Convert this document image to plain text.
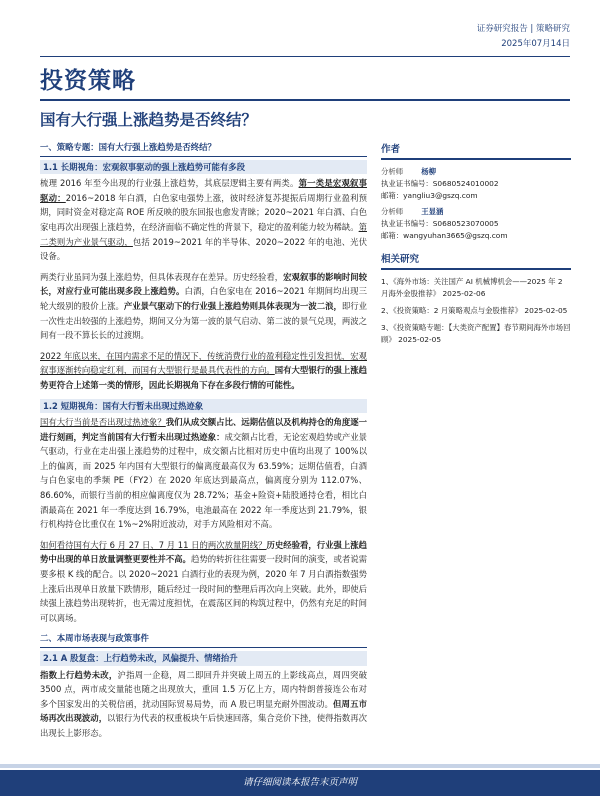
证券研究报告 | 策略研究
2025年07月14日
投资策略
国有大行强上涨趋势是否终结？
一、策略专题：国有大行强上涨趋势是否终结？
1.1 长期视角：宏观叙事驱动的强上涨趋势可能有多段
梳理 2016 年至今出现的行业强上涨趋势，其底层逻辑主要有两类。第一类是宏观叙事驱动：2016~2018 年白酒，白色家电强势上涨，彼时经济复苏提振后周期行业盈利预期，同时资金对稳定高 ROE 所反映的股东回报也愈发青睐；2020~2021 年白酒、白色家电再次出现强上涨趋势，在经济面临不确定性的背景下，稳定的盈利能力较为稀缺。第二类则为产业景气驱动，包括 2019~2021 年的半导体、2020~2022 年的电池、光伏设备。
两类行业虽同为强上涨趋势，但具体表现存在差异。历史经验看，宏观叙事的影响时间较长，对应行业可能出现多段上涨趋势。白酒，白色家电在 2016~2021 年期间均出现三轮大级别的股价上涨。产业景气驱动下的行业强上涨趋势则具体表现为一波二浪，即行业一次性走出较强的上涨趋势，期间又分为第一波的景气启动、第二波的景气兑现，两波之间有一段不算长长的过渡期。
2022 年底以来，在国内需求不足的情况下，传统消费行业的盈利稳定性引发担忧，宏观叙事逐渐转向稳定红利，而国有大型银行是最具代表性的方向。国有大型银行的强上涨趋势更符合上述第一类的情形，因此长期视角下存在多段行情的可能性。
1.2 短期视角：国有大行暂未出现过热迹象
国有大行当前是否出现过热迹象？我们从成交额占比、远期估值以及机构持仓的角度逐一进行刻画，判定当前国有大行暂未出现过热迹象：成交额占比看，无论宏观趋势或产业景气驱动，行业在走出强上涨趋势的过程中，成交额占比相对历史中值均出现了 100%以上的偏离，而 2025 年内国有大型银行的偏离度最高仅为 63.59%；远期估值看，白酒与白色家电的季频 PE（FY2）在 2020 年底达到最高点，偏离度分别为 112.07%、86.60%，而银行当前的相应偏离度仅为 28.72%；基金+险资+陆股通持仓看，相比白酒最高在 2021 年一季度达到 16.79%，电池最高在 2022 年一季度达到 21.79%，银行机构持仓比重仅在 1%~2%附近波动，对手方风险相对不高。
如何看待国有大行 6 月 27 日、7 月 11 日的两次放量阴线？历史经验看，行业强上涨趋势中出现的单日放量调整更要性并不高。趋势的转折往往需要一段时间的演变，或者说需要多根 K 线的配合。以 2020~2021 白酒行业的表现为例，2020 年 7 月白酒指数强势上涨后出现单日放量下跌情形，随后经过一段时间的整理后再次向上突破。此外，即使后续强上涨趋势出现转折，也无需过度担忧，在震荡区间的构筑过程中，仍然有充足的时间可以离场。
二、本周市场表现与政策事件
2.1 A 股复盘：上行趋势未改，风偏提升、情绪抬升
指数上行趋势未改，沪指周一企稳，周二即回升并突破上周五的上影线高点，周四突破 3500 点，两市成交量能也随之出现放大，重回 1.5 万亿上方，周内特朗普接连公布对多个国家发出的关税信函，扰动国际贸易局势，而 A 股已明显充耐外围波动。但周五市场再次出现波动，以银行为代表的权重板块午后快速回落，集合竞价下挫，使得指数再次出现长上影形态。
作者
分析师 杨柳
执业证书编号：S0680524010002
邮箱：yangliu3@gszq.com
分析师 王显涵
执业证书编号：S0680523070005
邮箱：wangyuhan3665@gszq.com
相关研究
1、《海外市场：关注国产 AI 机械博机会——2025 年 2 月海外金股推荐》 2025-02-06
2、《投资策略：2 月策略观点与金股推荐》 2025-02-05
3、《投资策略专题：【大类资产配置】春节期间海外市场回顾》 2025-02-05
请仔细阅读本报告末页声明
